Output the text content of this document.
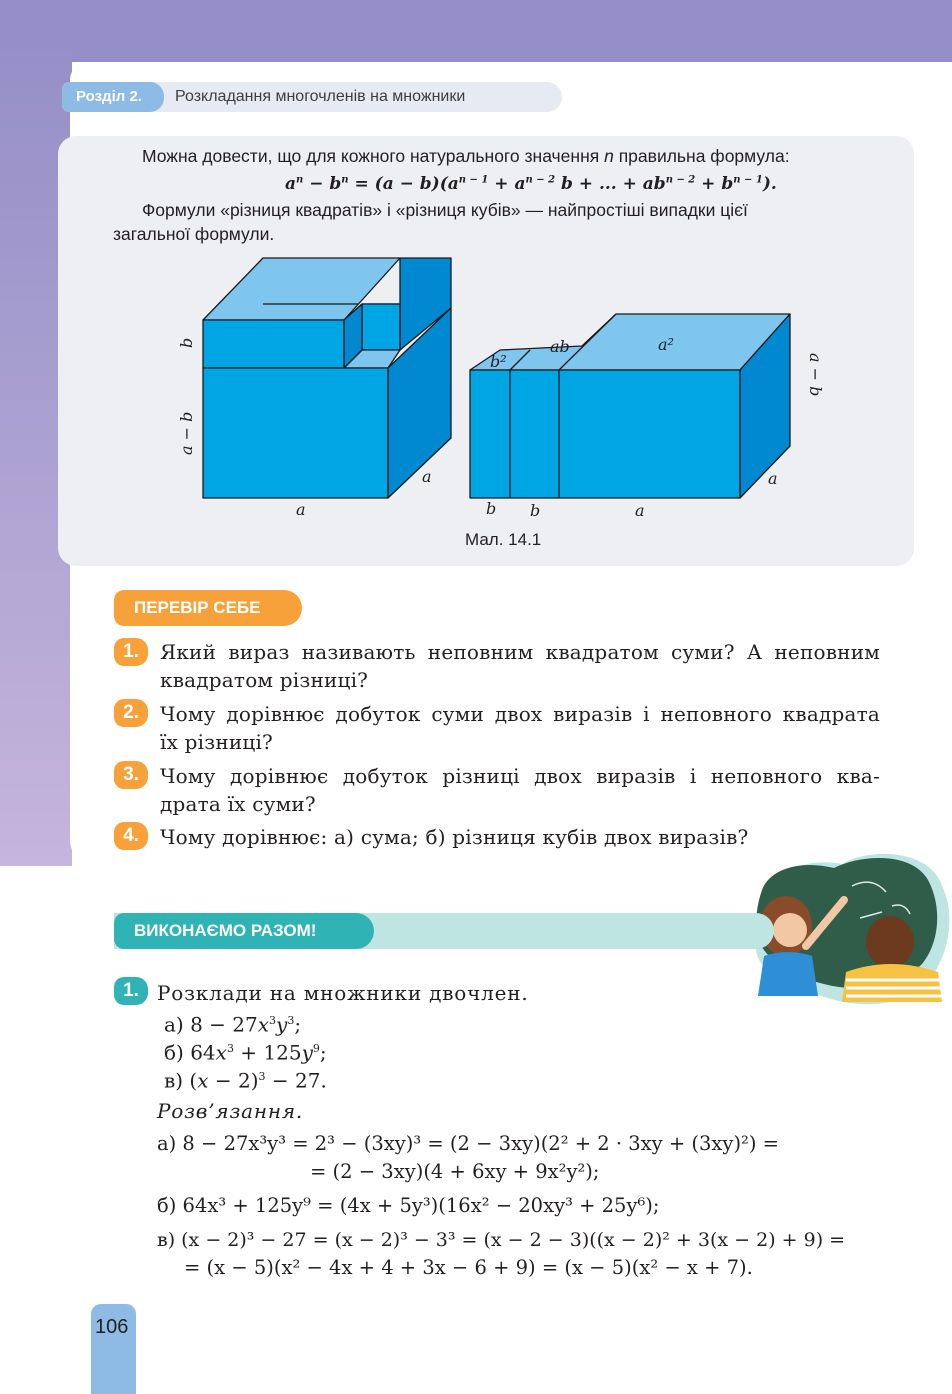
Розділ 2.	Розкладання многочленів на множники
Можна довести, що для кожного натурального значення n правильна формула:
$a^n - b^n = (a - b)(a^{n - 1} + a^{n - 2}$ b + ... + $ab^{n - 2} + b^{n - 1}$).
Формули «різниця квадратів» і «різниця кубів» — найпростіші випадки цієї
загальної формули.
b
a − b
a
a
b²
ab	a²
a − b
b b	a
a
Мал. 14.1
ПЕРЕВІР СЕБЕ
1.	Який вираз називають неповним квадратом суми? А неповним
квадратом різниці?
2.	Чому дорівнює добуток суми двох виразів і неповного квадрата
їх різниці?
3.	Чому дорівнює добуток різниці двох виразів і неповного ква-
драта їх суми?
4.	Чому дорівнює: а) сума; б) різниця кубів двох виразів?
ВИКОНАЄМО РАЗОМ!
1. Розклади на множники двочлен.
а) $8 - 27x^3y^3$;
б) $64x^3 + 125y^9$;
в) $(x - 2)^3 - 27$.
Розв’язання.
а) 8 − 27x³y³ = 2³ − (3xy)³ = (2 − 3xy)(2² + 2 · 3xy + (3xy)²) =
= (2 − 3xy)(4 + 6xy + 9x²y²);
б) 64x³ + 125y⁹ = (4x + 5y³)(16x² − 20xy³ + 25y⁶);
в) (x − 2)³ − 27 = (x − 2)³ − 3³ = (x − 2 − 3)((x − 2)² + 3(x − 2) + 9) =
= (x − 5)(x² − 4x + 4 + 3x − 6 + 9) = (x − 5)(x² − x + 7).
106
